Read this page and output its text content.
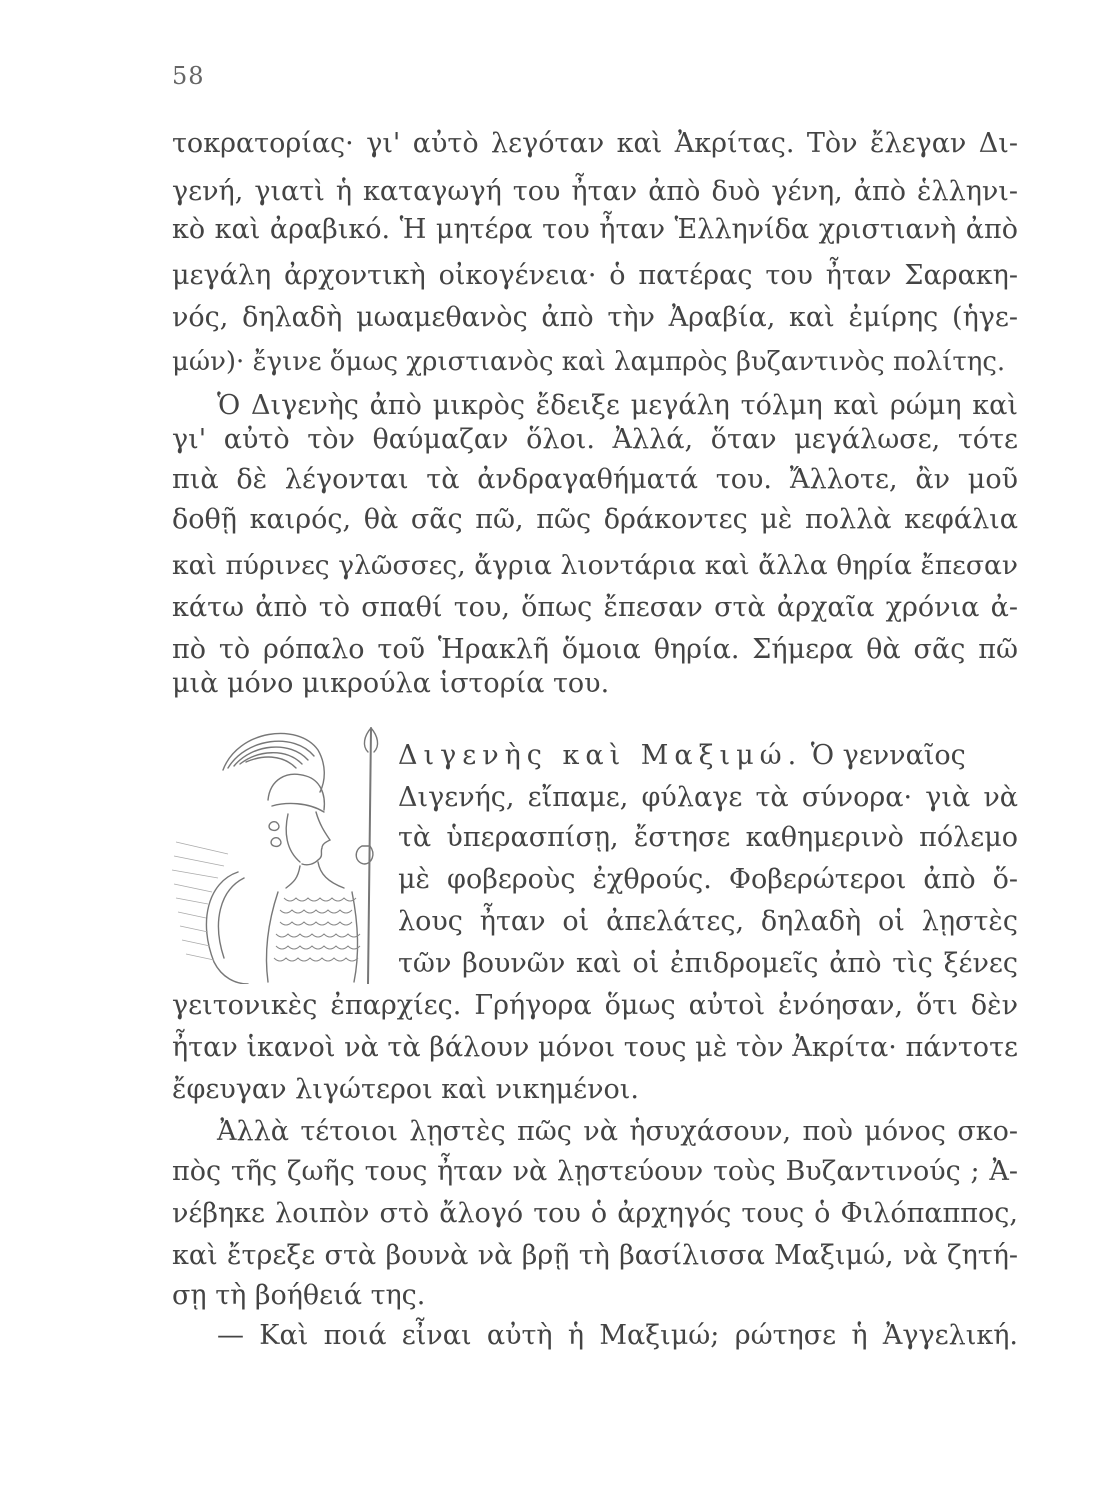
58
τοκρατορίας· γι' αὐτὸ λεγόταν καὶ Ἀκρίτας. Τὸν ἔλεγαν Δι-
γενή, γιατὶ ἡ καταγωγή του ἦταν ἀπὸ δυὸ γένη, ἀπὸ ἑλληνι-
κὸ καὶ ἀραβικό. Ἡ μητέρα του ἦταν Ἑλληνίδα χριστιανὴ ἀπὸ
μεγάλη ἀρχοντικὴ οἰκογένεια· ὁ πατέρας του ἦταν Σαρακη-
νός, δηλαδὴ μωαμεθανὸς ἀπὸ τὴν Ἀραβία, καὶ ἐμίρης (ἡγε-
μών)· ἔγινε ὅμως χριστιανὸς καὶ λαμπρὸς βυζαντινὸς πολίτης.
Ὁ Διγενὴς ἀπὸ μικρὸς ἔδειξε μεγάλη τόλμη καὶ ρώμη καὶ
γι' αὐτὸ τὸν θαύμαζαν ὅλοι. Ἀλλά, ὅταν μεγάλωσε, τότε
πιὰ δὲ λέγονται τὰ ἀνδραγαθήματά του. Ἄλλοτε, ἂν μοῦ
δοθῇ καιρός, θὰ σᾶς πῶ, πῶς δράκοντες μὲ πολλὰ κεφάλια
καὶ πύρινες γλῶσσες, ἄγρια λιοντάρια καὶ ἄλλα θηρία ἔπεσαν
κάτω ἀπὸ τὸ σπαθί του, ὅπως ἔπεσαν στὰ ἀρχαῖα χρόνια ἀ-
πὸ τὸ ρόπαλο τοῦ Ἡρακλῆ ὅμοια θηρία. Σήμερα θὰ σᾶς πῶ
μιὰ μόνο μικρούλα ἱστορία του.
Διγενὴς καὶ Μαξιμώ. Ὁ γενναῖος
Διγενής, εἴπαμε, φύλαγε τὰ σύνορα· γιὰ νὰ
τὰ ὑπερασπίσῃ, ἔστησε καθημερινὸ πόλεμο
μὲ φοβεροὺς ἐχθρούς. Φοβερώτεροι ἀπὸ ὅ-
λους ἦταν οἱ ἀπελάτες, δηλαδὴ οἱ λῃστὲς
τῶν βουνῶν καὶ οἱ ἐπιδρομεῖς ἀπὸ τὶς ξένες
γειτονικὲς ἐπαρχίες. Γρήγορα ὅμως αὐτοὶ ἐνόησαν, ὅτι δὲν
ἦταν ἱκανοὶ νὰ τὰ βάλουν μόνοι τους μὲ τὸν Ἀκρίτα· πάντοτε
ἔφευγαν λιγώτεροι καὶ νικημένοι.
Ἀλλὰ τέτοιοι λῃστὲς πῶς νὰ ἡσυχάσουν, ποὺ μόνος σκο-
πὸς τῆς ζωῆς τους ἦταν νὰ λῃστεύουν τοὺς Βυζαντινούς ; Ἀ-
νέβηκε λοιπὸν στὸ ἄλογό του ὁ ἀρχηγός τους ὁ Φιλόπαππος,
καὶ ἔτρεξε στὰ βουνὰ νὰ βρῇ τὴ βασίλισσα Μαξιμώ, νὰ ζητή-
σῃ τὴ βοήθειά της.
— Καὶ ποιά εἶναι αὐτὴ ἡ Μαξιμώ; ρώτησε ἡ Ἀγγελική.
